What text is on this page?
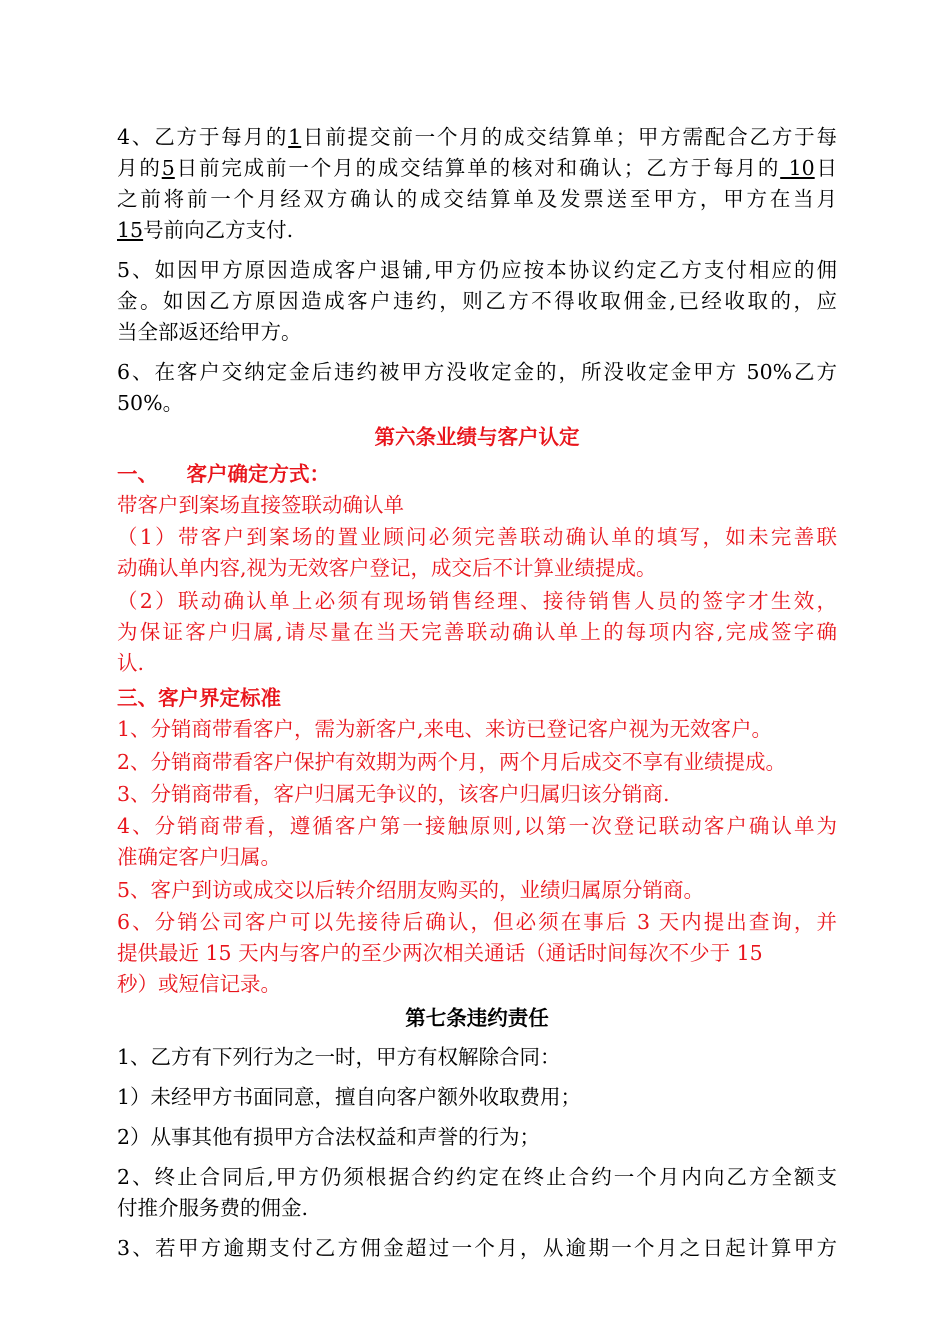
4、乙方于每月的1日前提交前一个月的成交结算单；甲方需配合乙方于每
月的5日前完成前一个月的成交结算单的核对和确认；乙方于每月的 10日
之前将前一个月经双方确认的成交结算单及发票送至甲方，甲方在当月
15号前向乙方支付.
5、如因甲方原因造成客户退铺,甲方仍应按本协议约定乙方支付相应的佣
金。如因乙方原因造成客户违约，则乙方不得收取佣金,已经收取的，应
当全部返还给甲方。
6、在客户交纳定金后违约被甲方没收定金的，所没收定金甲方 50%乙方
50%。
第六条业绩与客户认定
一、    客户确定方式：
带客户到案场直接签联动确认单
（1）带客户到案场的置业顾问必须完善联动确认单的填写，如未完善联
动确认单内容,视为无效客户登记，成交后不计算业绩提成。
（2）联动确认单上必须有现场销售经理、接待销售人员的签字才生效，
为保证客户归属,请尽量在当天完善联动确认单上的每项内容,完成签字确
认.
三、客户界定标准
1、分销商带看客户，需为新客户,来电、来访已登记客户视为无效客户。
2、分销商带看客户保护有效期为两个月，两个月后成交不享有业绩提成。
3、分销商带看，客户归属无争议的，该客户归属归该分销商.
4、分销商带看，遵循客户第一接触原则,以第一次登记联动客户确认单为
准确定客户归属。
5、客户到访或成交以后转介绍朋友购买的，业绩归属原分销商。
6、分销公司客户可以先接待后确认，但必须在事后 3 天内提出查询，并
提供最近 15 天内与客户的至少两次相关通话（通话时间每次不少于 15
秒）或短信记录。
第七条违约责任
1、乙方有下列行为之一时，甲方有权解除合同：
1）未经甲方书面同意，擅自向客户额外收取费用；
2）从事其他有损甲方合法权益和声誉的行为；
2、终止合同后,甲方仍须根据合约约定在终止合约一个月内向乙方全额支
付推介服务费的佣金.
3、若甲方逾期支付乙方佣金超过一个月，从逾期一个月之日起计算甲方
